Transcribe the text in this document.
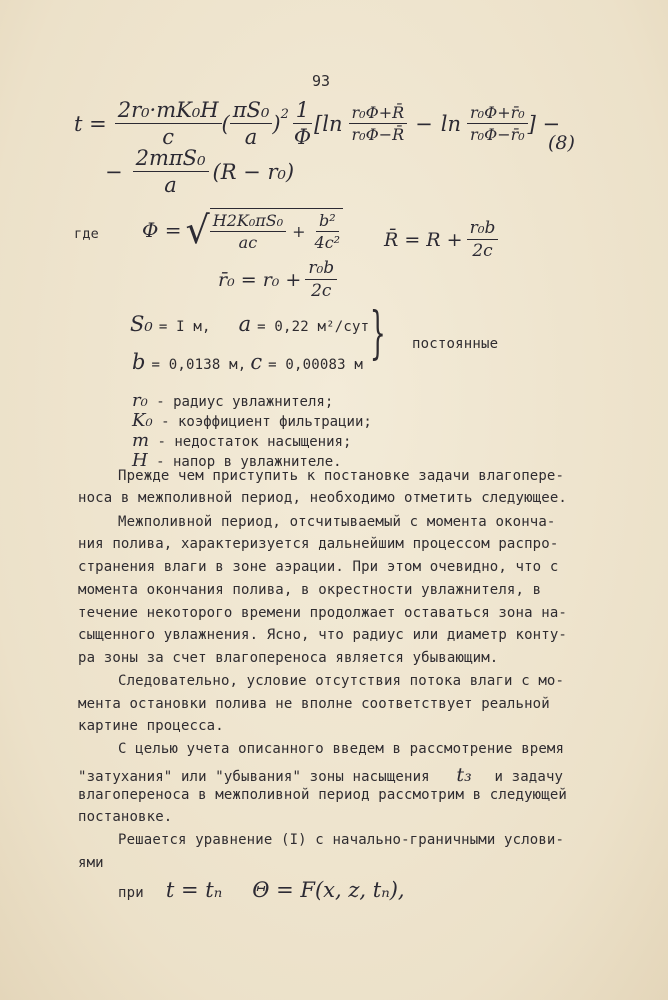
93
$t = \frac{\text{2r₀·mK₀H}}{c}$ ( $\frac{\text{πS₀}}{a} )^2 \frac{1}{\Phi}$ [ $\ln \frac{\text{r₀Φ+R̄}}{\text{r₀Φ−R̄}} - \ln \frac{\text{r₀Φ+r̄₀}}{\text{r₀Φ−r̄₀}}$ ] −
− $\frac{\text{2mπS₀}}{a} (R - r_0)$
(8)
где Φ = √ $\frac{\text{H2K₀πS₀}}{ac} + \frac{\text{b²}}{\text{4c²}}$ R̄ = $R + \frac{\text{r₀b}}{2c}$
r̄₀ = $r_0 + \frac{\text{r₀b}}{2c}$
S₀ = I м, a = 0,22 м²/сут
b = 0,0138 м, c = 0,00083 м } постоянные
r₀ - радиус увлажнителя;
K₀ - коэффициент фильтрации;
m - недостаток насыщения;
H - напор в увлажнителе.
Прежде чем приступить к постановке задачи влагопере-
носа в межполивной период, необходимо отметить следующее.
Межполивной период, отсчитываемый с момента оконча-
ния полива, характеризуется дальнейшим процессом распро-
странения влаги в зоне аэрации. При этом очевидно, что с
момента окончания полива, в окрестности увлажнителя, в
течение некоторого времени продолжает оставаться зона на-
сыщенного увлажнения. Ясно, что радиус или диаметр конту-
ра зоны за счет влагопереноса является убывающим.
Следовательно, условие отсутствия потока влаги с мо-
мента остановки полива не вполне соответствует реальной
картине процесса.
С целью учета описанного введем в рассмотрение время
"затухания" или "убывания" зоны насыщения t₃ и задачу
влагопереноса в межполивной период рассмотрим в следующей
постановке.
Решается уравнение (I) с начально-граничными услови-
ями
при t = tₙ Θ = F(x, z, tₙ),
